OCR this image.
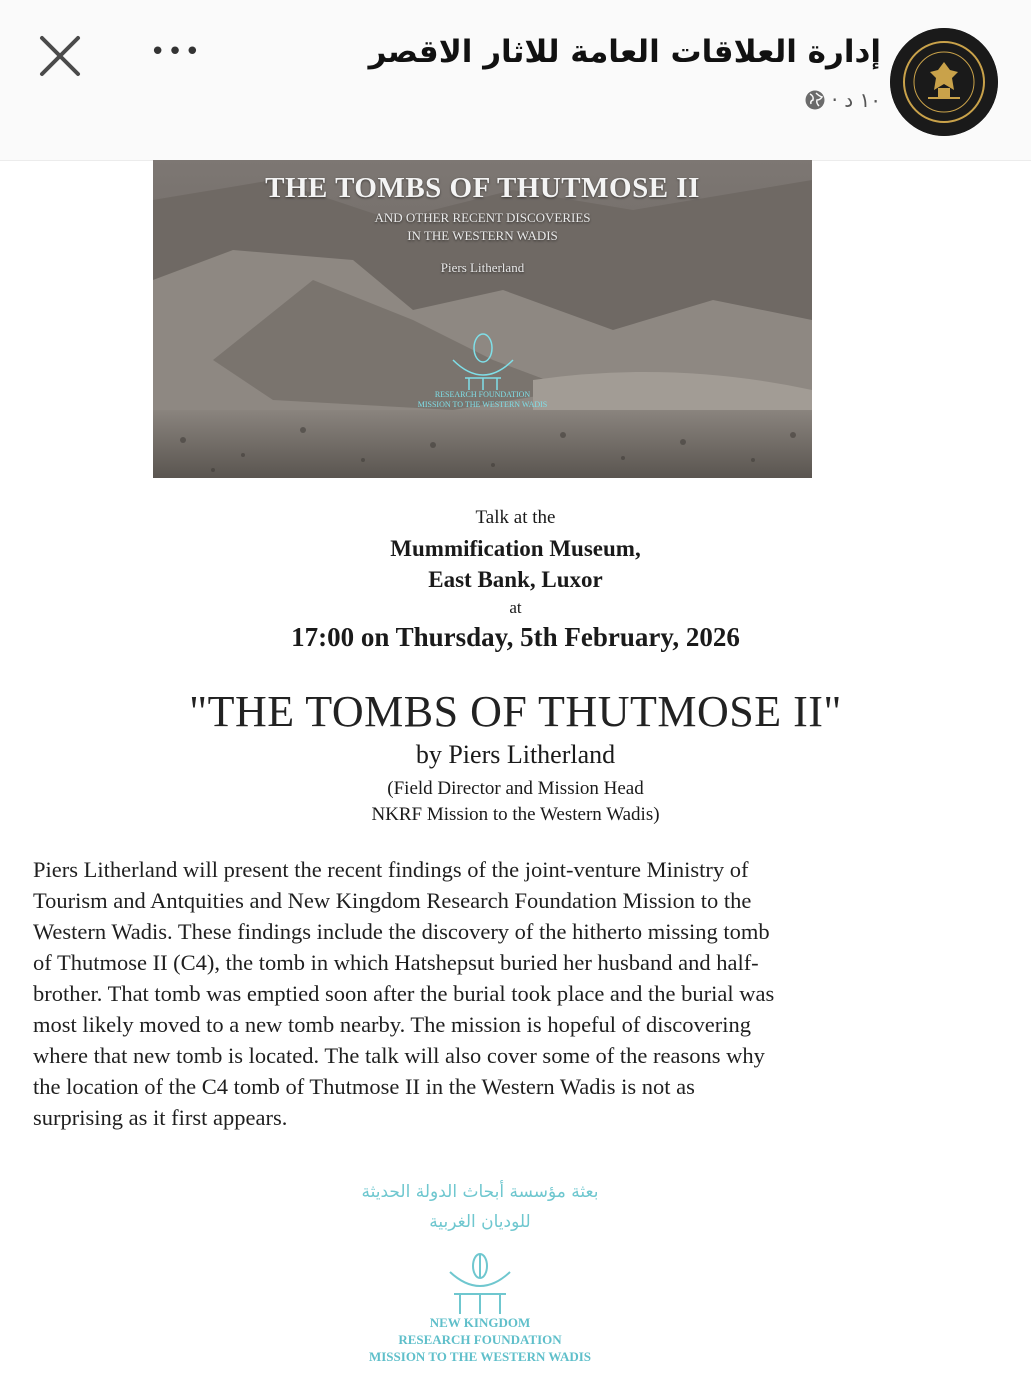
•••	إدارة العلاقات العامة للاثار الاقصر
١٠ د ·
THE TOMBS OF THUTMOSE II
AND OTHER RECENT DISCOVERIES
IN THE WESTERN WADIS
Piers Litherland
RESEARCH FOUNDATION
MISSION TO THE WESTERN WADIS
Talk at the
Mummification Museum,
East Bank, Luxor
at
17:00 on Thursday, 5th February, 2026
"THE TOMBS OF THUTMOSE II"
by Piers Litherland
(Field Director and Mission Head
NKRF Mission to the Western Wadis)
Piers Litherland will present the recent findings of the joint-venture Ministry of
Tourism and Antquities and New Kingdom Research Foundation Mission to the
Western Wadis. These findings include the discovery of the hitherto missing tomb
of Thutmose II (C4), the tomb in which Hatshepsut buried her husband and half-
brother. That tomb was emptied soon after the burial took place and the burial was
most likely moved to a new tomb nearby. The mission is hopeful of discovering
where that new tomb is located. The talk will also cover some of the reasons why
the location of the C4 tomb of Thutmose II in the Western Wadis is not as
surprising as it first appears.
بعثة مؤسسة أبحاث الدولة الحديثة
للوديان الغربية
NEW KINGDOM
RESEARCH FOUNDATION
MISSION TO THE WESTERN WADIS
